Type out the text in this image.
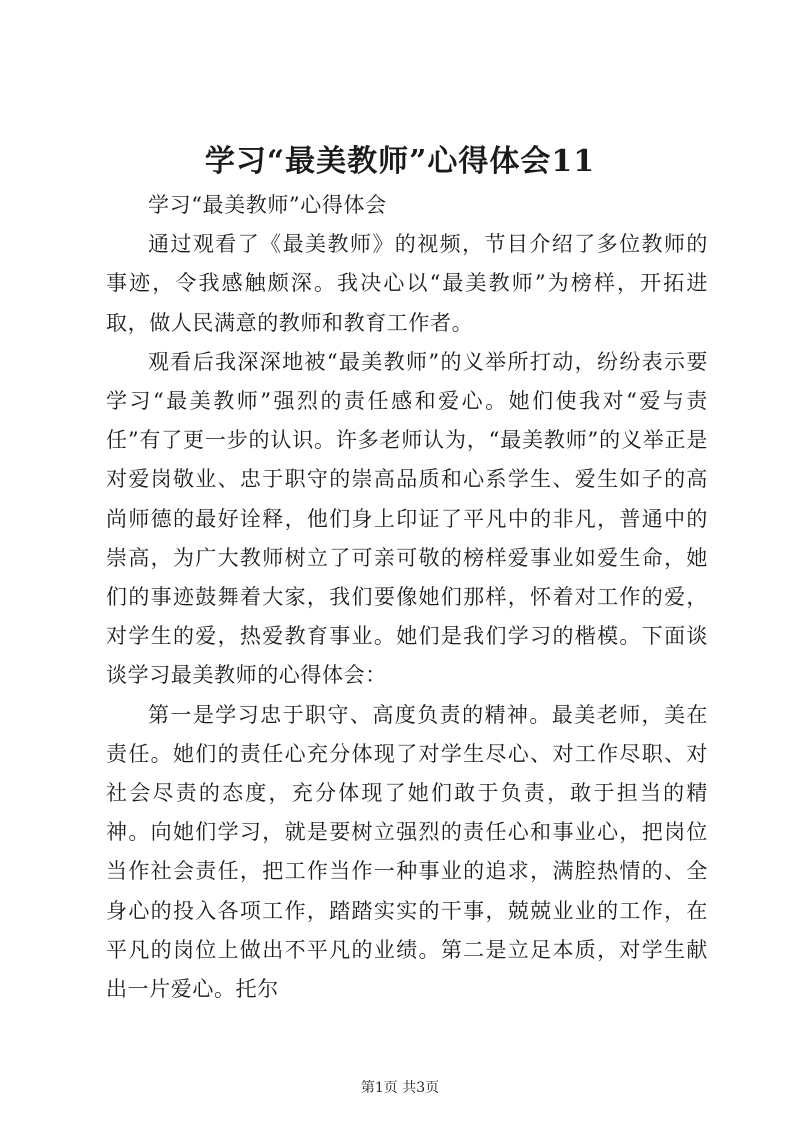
学习“最美教师”心得体会11

学习“最美教师”心得体会

通过观看了《最美教师》的视频，节目介绍了多位教师的事迹，令我感触颇深。我决心以“最美教师”为榜样，开拓进取，做人民满意的教师和教育工作者。

观看后我深深地被“最美教师”的义举所打动，纷纷表示要学习“最美教师”强烈的责任感和爱心。她们使我对“爱与责任”有了更一步的认识。许多老师认为，“最美教师”的义举正是对爱岗敬业、忠于职守的崇高品质和心系学生、爱生如子的高尚师德的最好诠释，他们身上印证了平凡中的非凡，普通中的崇高，为广大教师树立了可亲可敬的榜样爱事业如爱生命，她们的事迹鼓舞着大家，我们要像她们那样，怀着对工作的爱，对学生的爱，热爱教育事业。她们是我们学习的楷模。下面谈谈学习最美教师的心得体会：

第一是学习忠于职守、高度负责的精神。最美老师，美在责任。她们的责任心充分体现了对学生尽心、对工作尽职、对社会尽责的态度，充分体现了她们敢于负责，敢于担当的精神。向她们学习，就是要树立强烈的责任心和事业心，把岗位当作社会责任，把工作当作一种事业的追求，满腔热情的、全身心的投入各项工作，踏踏实实的干事，兢兢业业的工作，在平凡的岗位上做出不平凡的业绩。第二是立足本质，对学生献出一片爱心。托尔

第1页 共3页
